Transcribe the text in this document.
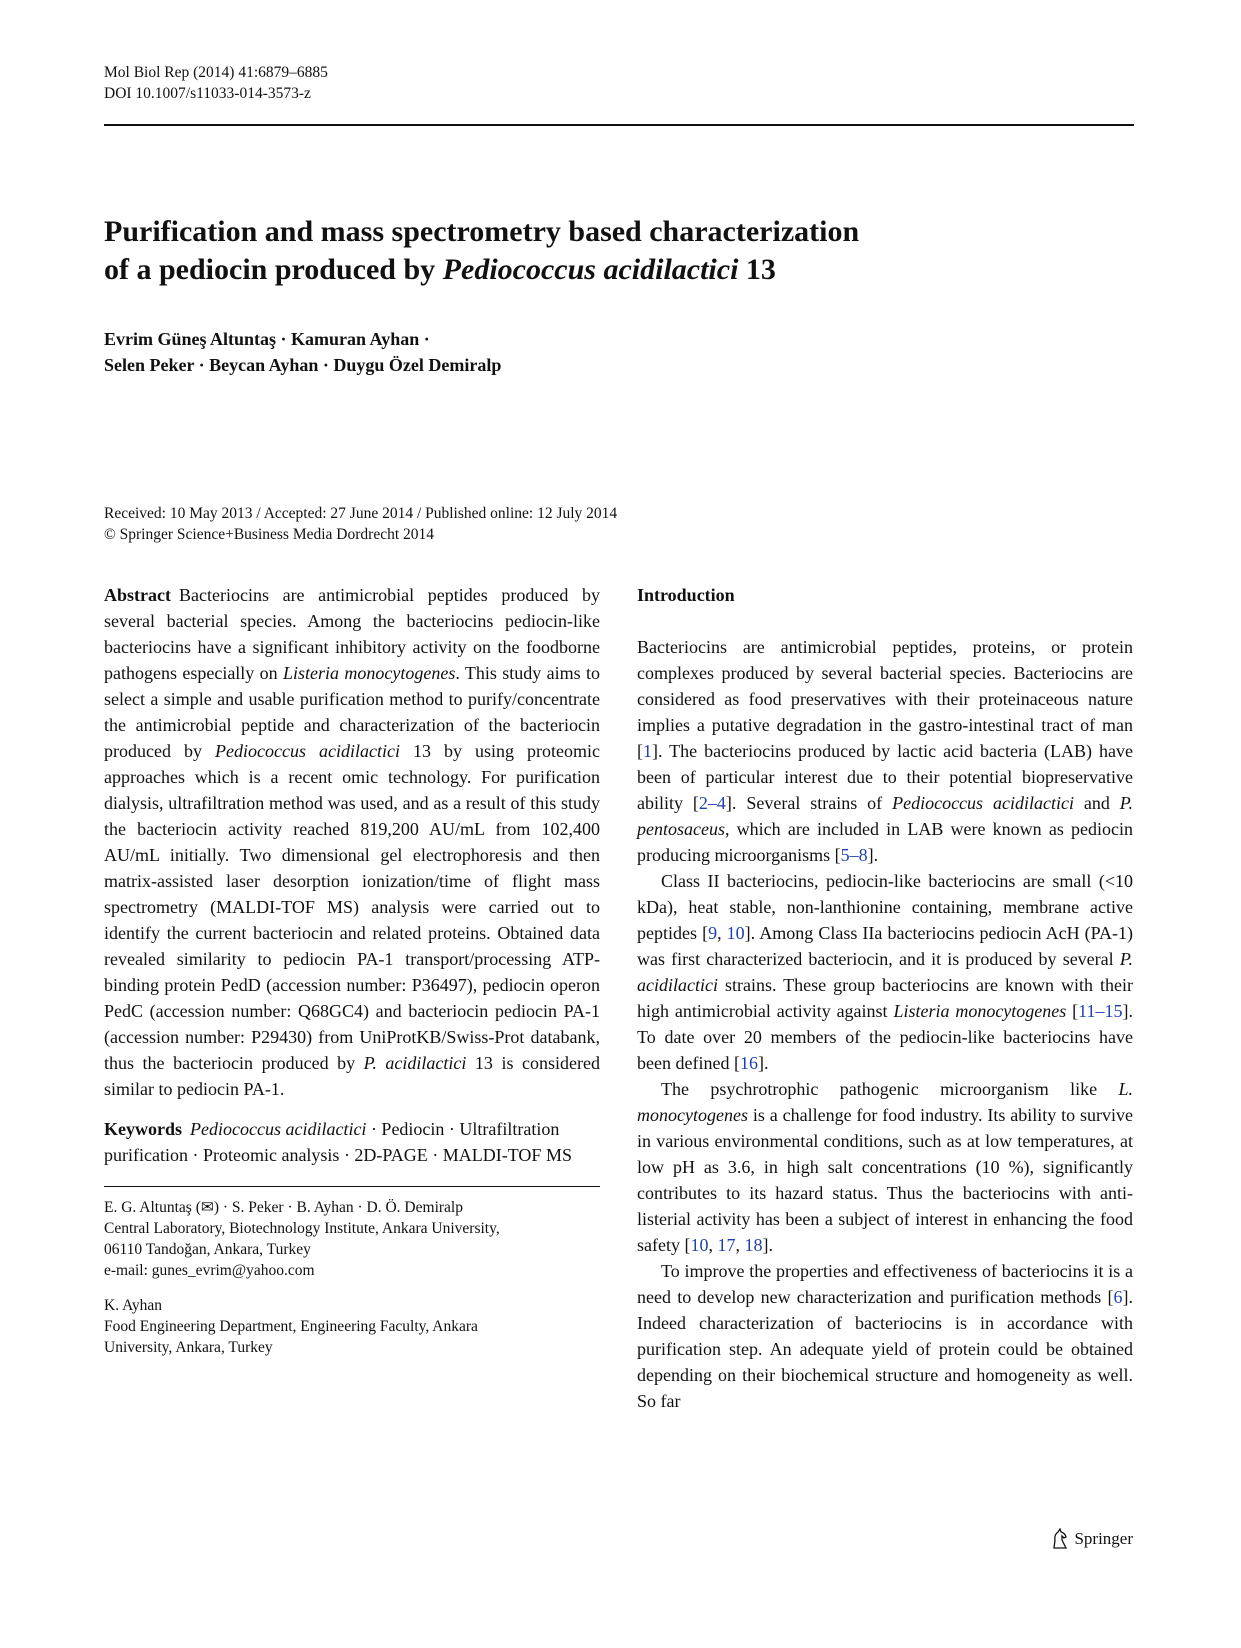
Mol Biol Rep (2014) 41:6879–6885
DOI 10.1007/s11033-014-3573-z
Purification and mass spectrometry based characterization
of a pediocin produced by Pediococcus acidilactici 13
Evrim Güneş Altuntaş · Kamuran Ayhan ·
Selen Peker · Beycan Ayhan · Duygu Özel Demiralp
Received: 10 May 2013 / Accepted: 27 June 2014 / Published online: 12 July 2014
© Springer Science+Business Media Dordrecht 2014

Abstract Bacteriocins are antimicrobial peptides produced by several bacterial species. Among the bacteriocins pediocin-like bacteriocins have a significant inhibitory activity on the foodborne pathogens especially on Listeria monocytogenes. This study aims to select a simple and usable purification method to purify/concentrate the antimicrobial peptide and characterization of the bacteriocin produced by Pediococcus acidilactici 13 by using proteomic approaches which is a recent omic technology. For purification dialysis, ultrafiltration method was used, and as a result of this study the bacteriocin activity reached 819,200 AU/mL from 102,400 AU/mL initially. Two dimensional gel electrophoresis and then matrix-assisted laser desorption ionization/time of flight mass spectrometry (MALDI-TOF MS) analysis were carried out to identify the current bacteriocin and related proteins. Obtained data revealed similarity to pediocin PA-1 transport/processing ATP-binding protein PedD (accession number: P36497), pediocin operon PedC (accession number: Q68GC4) and bacteriocin pediocin PA-1 (accession number: P29430) from UniProtKB/Swiss-Prot databank, thus the bacteriocin produced by P. acidilactici 13 is considered similar to pediocin PA-1.

Keywords Pediococcus acidilactici · Pediocin · Ultrafiltration purification · Proteomic analysis · 2D-PAGE · MALDI-TOF MS

E. G. Altuntaş (✉) · S. Peker · B. Ayhan · D. Ö. Demiralp
Central Laboratory, Biotechnology Institute, Ankara University,
06110 Tandoğan, Ankara, Turkey
e-mail: gunes_evrim@yahoo.com

K. Ayhan
Food Engineering Department, Engineering Faculty, Ankara
University, Ankara, Turkey

Introduction

Bacteriocins are antimicrobial peptides, proteins, or protein complexes produced by several bacterial species. Bacteriocins are considered as food preservatives with their proteinaceous nature implies a putative degradation in the gastro-intestinal tract of man [1]. The bacteriocins produced by lactic acid bacteria (LAB) have been of particular interest due to their potential biopreservative ability [2–4]. Several strains of Pediococcus acidilactici and P. pentosaceus, which are included in LAB were known as pediocin producing microorganisms [5–8].

Class II bacteriocins, pediocin-like bacteriocins are small (<10 kDa), heat stable, non-lanthionine containing, membrane active peptides [9, 10]. Among Class IIa bacteriocins pediocin AcH (PA-1) was first characterized bacteriocin, and it is produced by several P. acidilactici strains. These group bacteriocins are known with their high antimicrobial activity against Listeria monocytogenes [11–15]. To date over 20 members of the pediocin-like bacteriocins have been defined [16].

The psychrotrophic pathogenic microorganism like L. monocytogenes is a challenge for food industry. Its ability to survive in various environmental conditions, such as at low temperatures, at low pH as 3.6, in high salt concentrations (10 %), significantly contributes to its hazard status. Thus the bacteriocins with anti-listerial activity has been a subject of interest in enhancing the food safety [10, 17, 18].

To improve the properties and effectiveness of bacteriocins it is a need to develop new characterization and purification methods [6]. Indeed characterization of bacteriocins is in accordance with purification step. An adequate yield of protein could be obtained depending on their biochemical structure and homogeneity as well. So far

Springer
